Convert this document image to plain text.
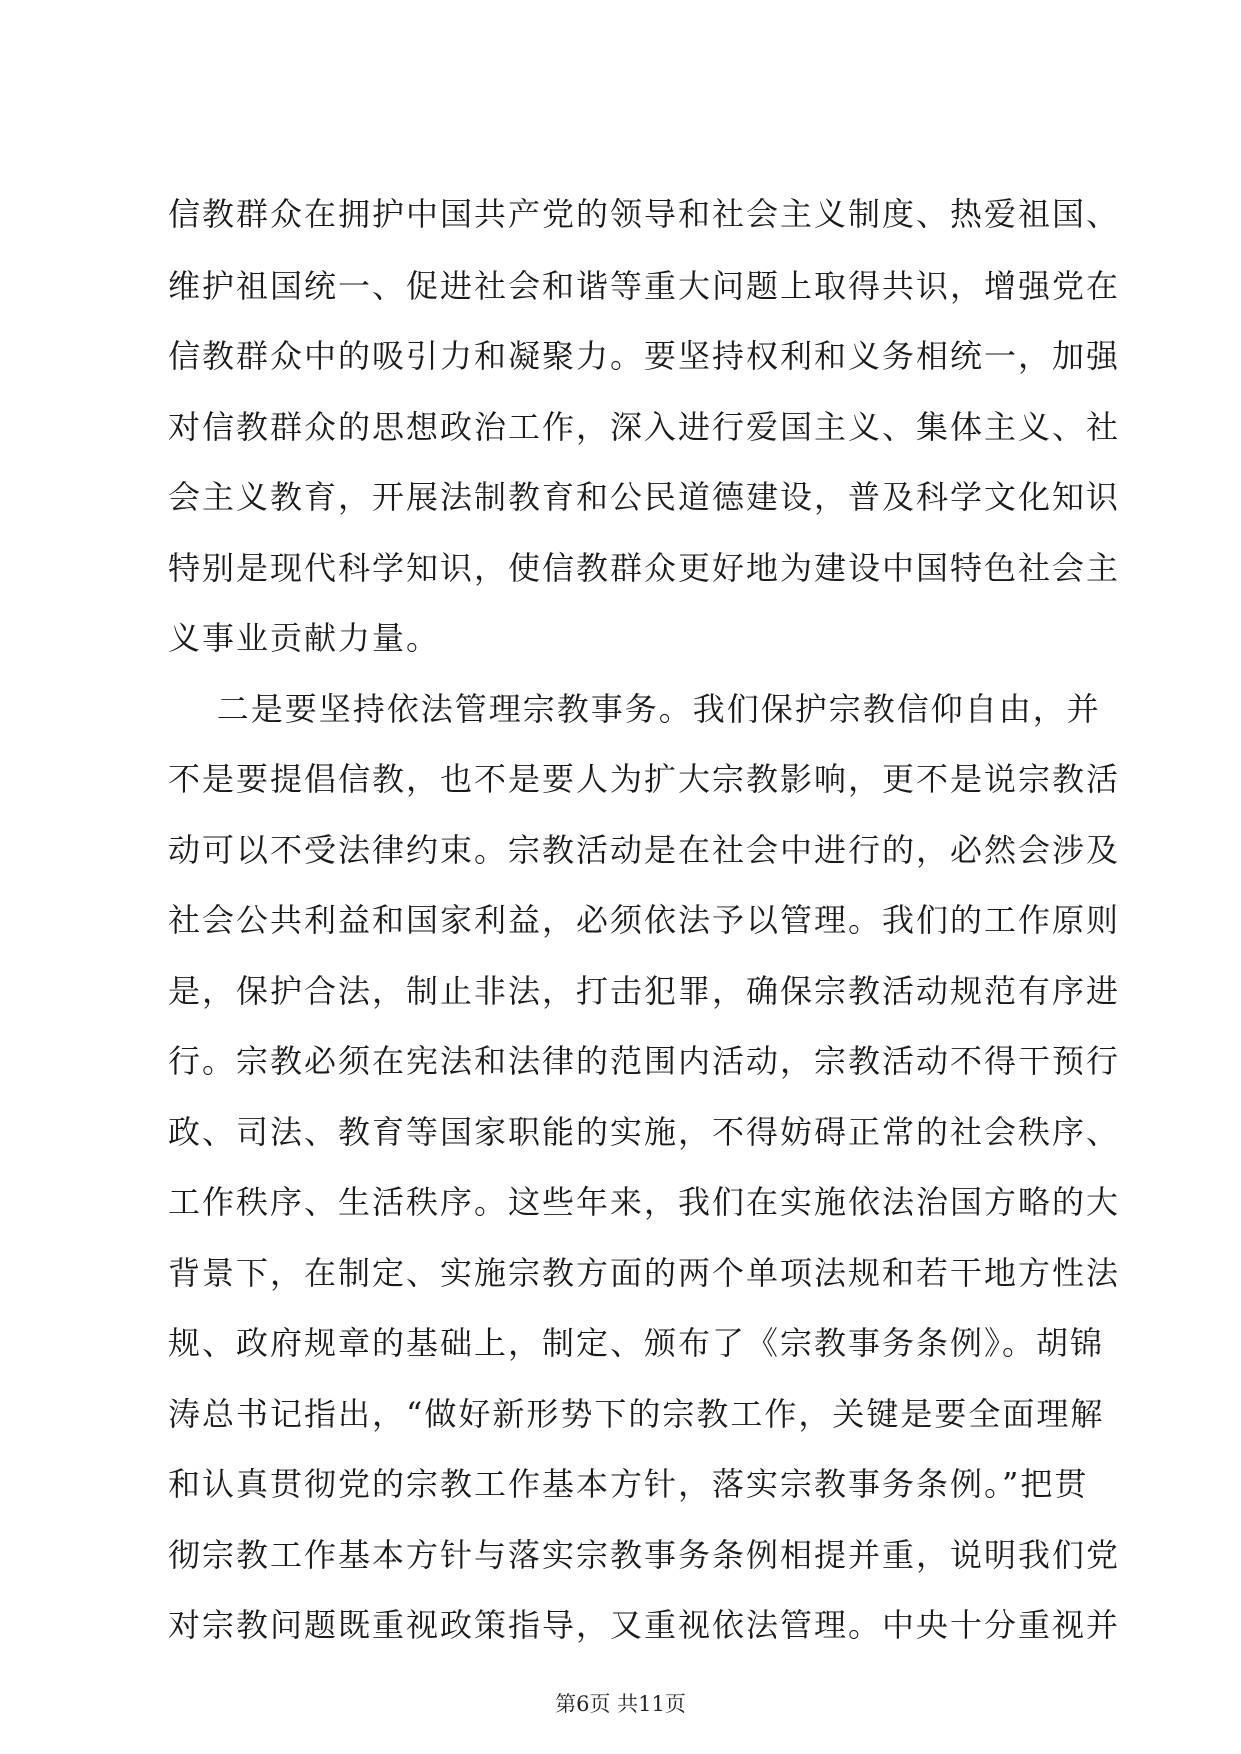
信教群众在拥护中国共产党的领导和社会主义制度、热爱祖国、
维护祖国统一、促进社会和谐等重大问题上取得共识，增强党在
信教群众中的吸引力和凝聚力。要坚持权利和义务相统一，加强
对信教群众的思想政治工作，深入进行爱国主义、集体主义、社
会主义教育，开展法制教育和公民道德建设，普及科学文化知识
特别是现代科学知识，使信教群众更好地为建设中国特色社会主
义事业贡献力量。
二是要坚持依法管理宗教事务。我们保护宗教信仰自由，并
不是要提倡信教，也不是要人为扩大宗教影响，更不是说宗教活
动可以不受法律约束。宗教活动是在社会中进行的，必然会涉及
社会公共利益和国家利益，必须依法予以管理。我们的工作原则
是，保护合法，制止非法，打击犯罪，确保宗教活动规范有序进
行。宗教必须在宪法和法律的范围内活动，宗教活动不得干预行
政、司法、教育等国家职能的实施，不得妨碍正常的社会秩序、
工作秩序、生活秩序。这些年来，我们在实施依法治国方略的大
背景下，在制定、实施宗教方面的两个单项法规和若干地方性法
规、政府规章的基础上，制定、颁布了《宗教事务条例》。胡锦
涛总书记指出，“做好新形势下的宗教工作，关键是要全面理解
和认真贯彻党的宗教工作基本方针，落实宗教事务条例。”把贯
彻宗教工作基本方针与落实宗教事务条例相提并重，说明我们党
对宗教问题既重视政策指导，又重视依法管理。中央十分重视并
第6页 共11页
